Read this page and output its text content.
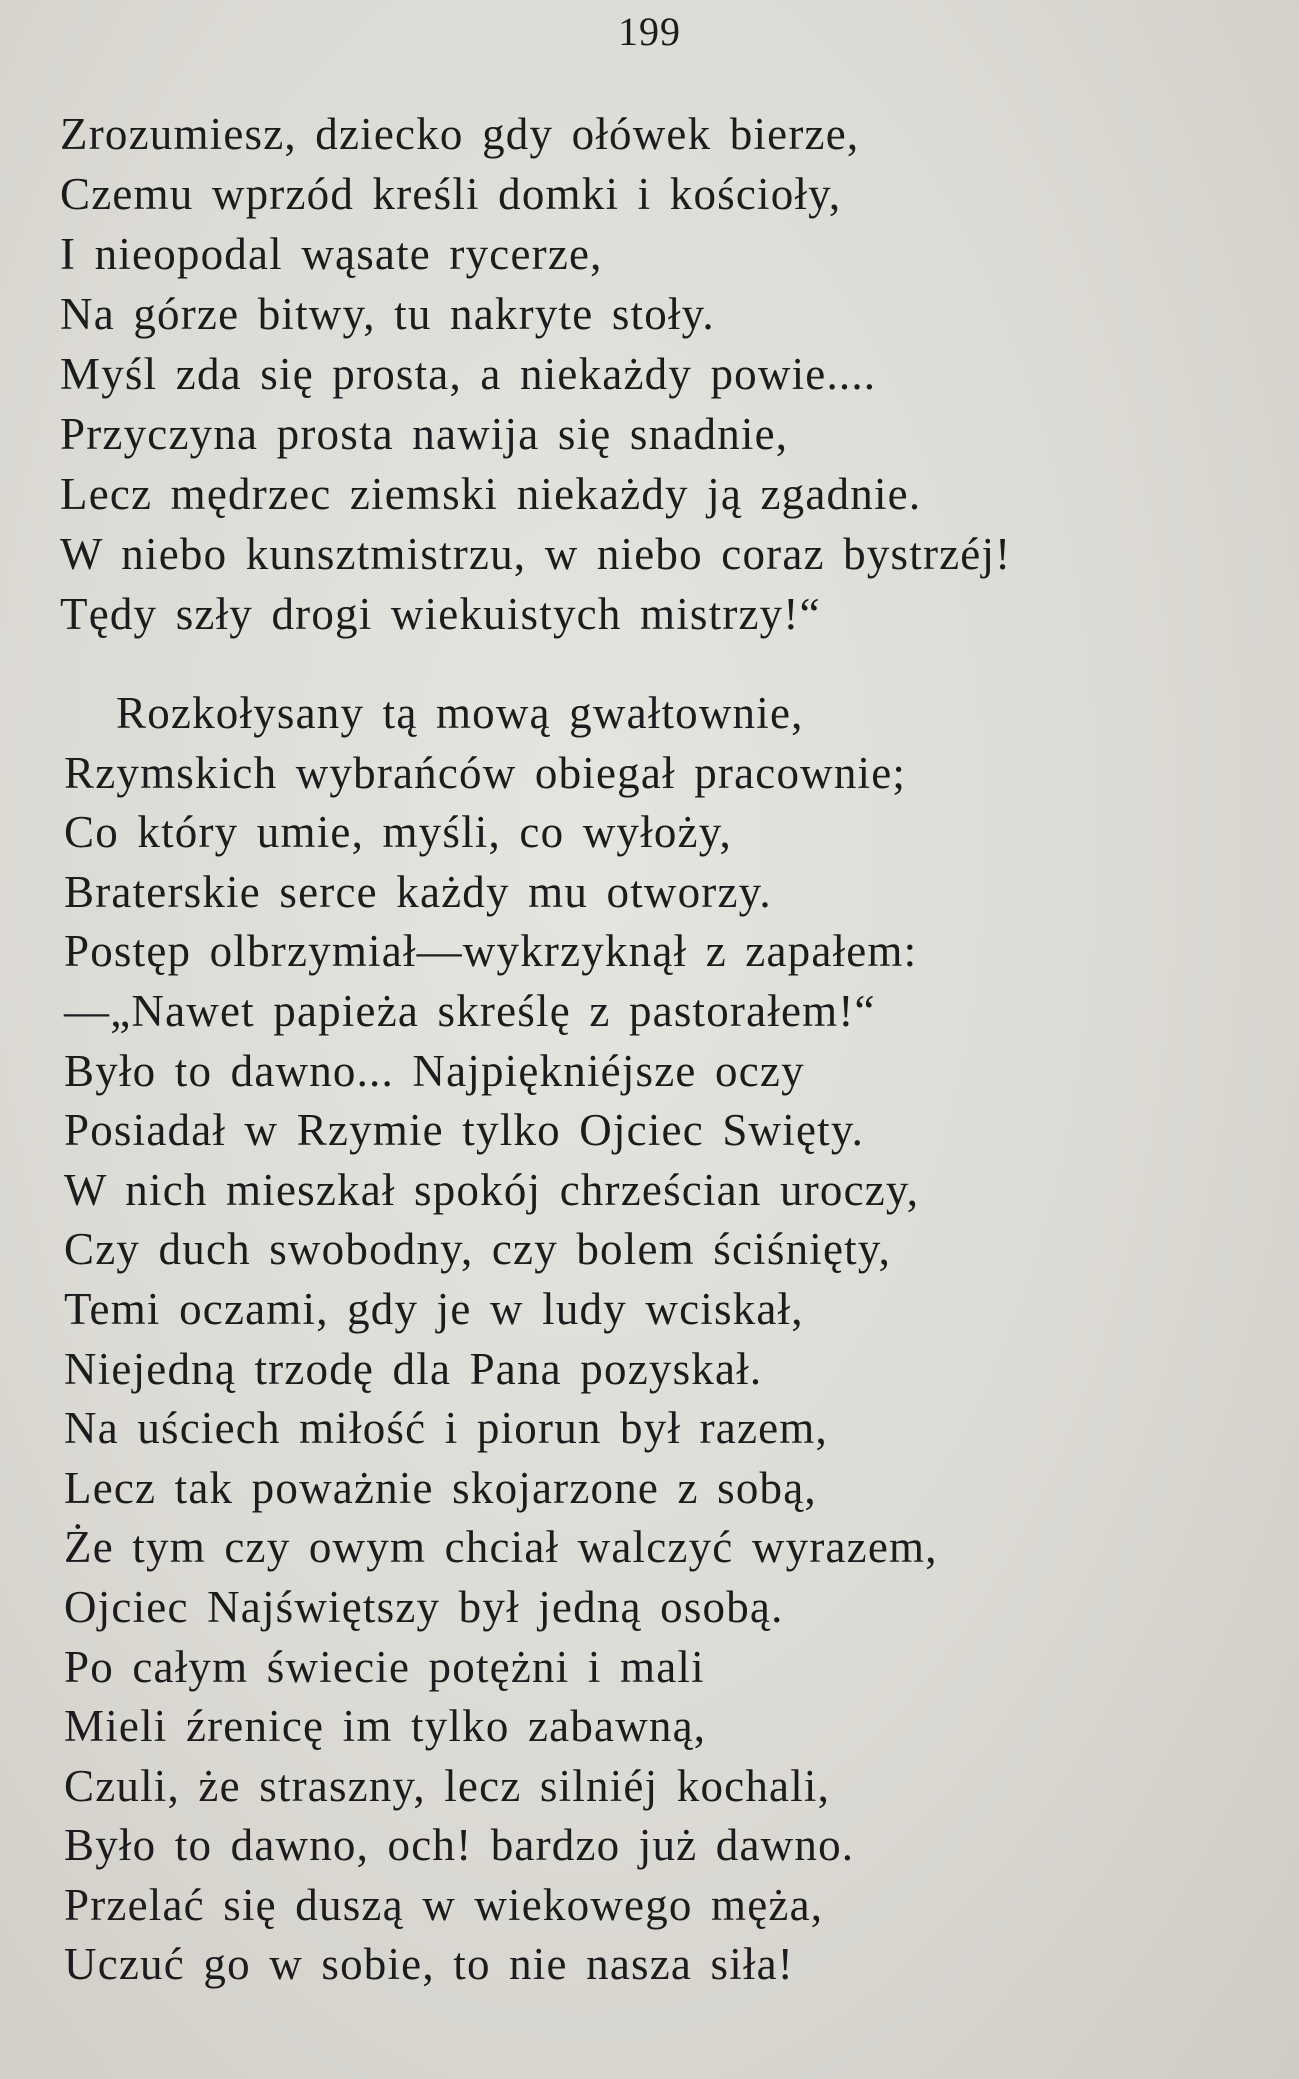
199
Zrozumiesz, dziecko gdy ołówek bierze,
Czemu wprzód kreśli domki i kościoły,
I nieopodal wąsate rycerze,
Na górze bitwy, tu nakryte stoły.
Myśl zda się prosta, a niekażdy powie....
Przyczyna prosta nawija się snadnie,
Lecz mędrzec ziemski niekażdy ją zgadnie.
W niebo kunsztmistrzu, w niebo coraz bystrzéj!
Tędy szły drogi wiekuistych mistrzy!“
Rozkołysany tą mową gwałtownie,
Rzymskich wybrańców obiegał pracownie;
Co który umie, myśli, co wyłoży,
Braterskie serce każdy mu otworzy.
Postęp olbrzymiał—wykrzyknął z zapałem:
—„Nawet papieża skreślę z pastorałem!“
Było to dawno... Najpiękniéjsze oczy
Posiadał w Rzymie tylko Ojciec Swięty.
W nich mieszkał spokój chrześcian uroczy,
Czy duch swobodny, czy bolem ściśnięty,
Temi oczami, gdy je w ludy wciskał,
Niejedną trzodę dla Pana pozyskał.
Na uściech miłość i piorun był razem,
Lecz tak poważnie skojarzone z sobą,
Że tym czy owym chciał walczyć wyrazem,
Ojciec Najświętszy był jedną osobą.
Po całym świecie potężni i mali
Mieli źrenicę im tylko zabawną,
Czuli, że straszny, lecz silniéj kochali,
Było to dawno, och! bardzo już dawno.
Przelać się duszą w wiekowego męża,
Uczuć go w sobie, to nie nasza siła!
